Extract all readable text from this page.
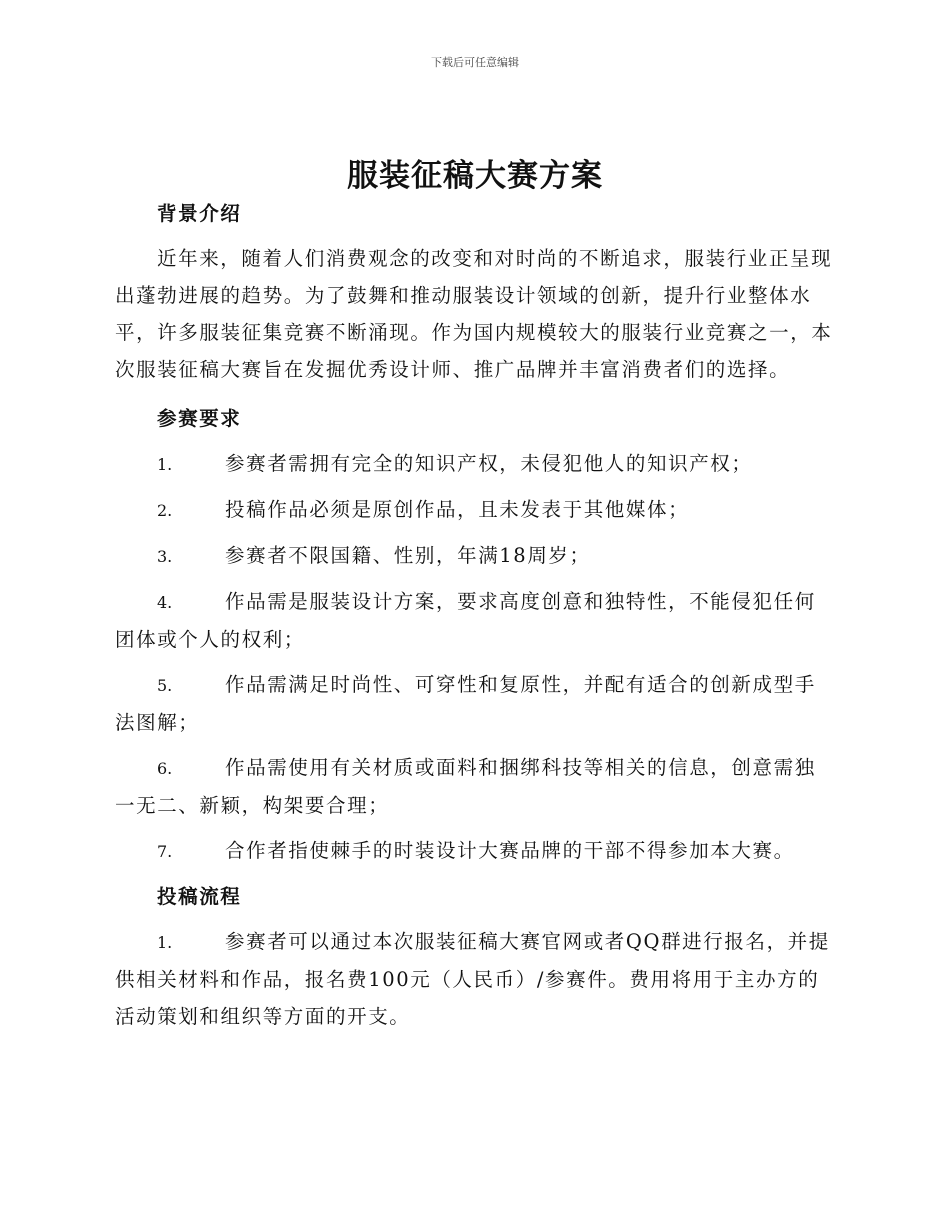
下载后可任意编辑
服装征稿大赛方案

背景介绍

近年来，随着人们消费观念的改变和对时尚的不断追求，服装行业正呈现出蓬勃进展的趋势。为了鼓舞和推动服装设计领域的创新，提升行业整体水平，许多服装征集竞赛不断涌现。作为国内规模较大的服装行业竞赛之一，本次服装征稿大赛旨在发掘优秀设计师、推广品牌并丰富消费者们的选择。

参赛要求

1.	参赛者需拥有完全的知识产权，未侵犯他人的知识产权；

2.	投稿作品必须是原创作品，且未发表于其他媒体；

3.	参赛者不限国籍、性别，年满18周岁；

4.	作品需是服装设计方案，要求高度创意和独特性，不能侵犯任何团体或个人的权利；

5.	作品需满足时尚性、可穿性和复原性，并配有适合的创新成型手法图解；

6.	作品需使用有关材质或面料和捆绑科技等相关的信息，创意需独一无二、新颖，构架要合理；

7.	合作者指使棘手的时装设计大赛品牌的干部不得参加本大赛。

投稿流程

1.	参赛者可以通过本次服装征稿大赛官网或者QQ群进行报名，并提供相关材料和作品，报名费100元（人民币）/参赛件。费用将用于主办方的活动策划和组织等方面的开支。
